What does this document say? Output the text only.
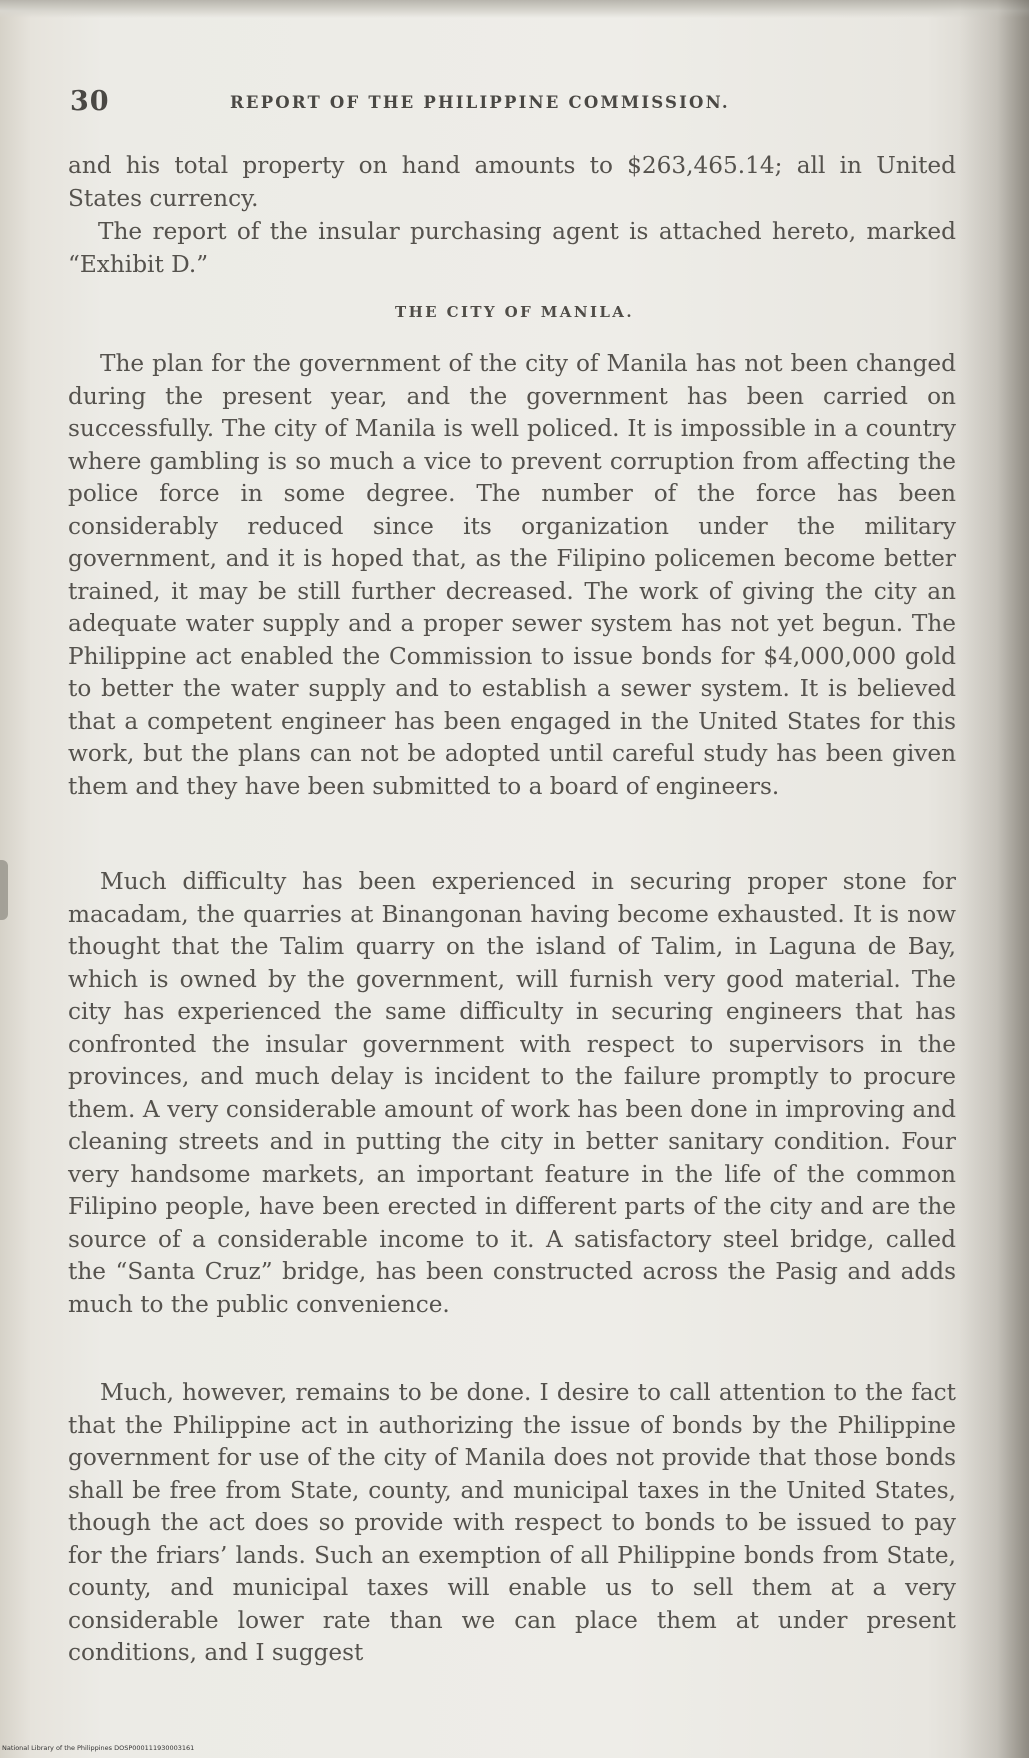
30	REPORT OF THE PHILIPPINE COMMISSION.

and his total property on hand amounts to $263,465.14; all in United States currency.

The report of the insular purchasing agent is attached hereto, marked “Exhibit D.”

THE CITY OF MANILA.

The plan for the government of the city of Manila has not been changed during the present year, and the government has been carried on successfully. The city of Manila is well policed. It is impossible in a country where gambling is so much a vice to prevent corruption from affecting the police force in some degree. The number of the force has been considerably reduced since its organization under the military government, and it is hoped that, as the Filipino policemen become better trained, it may be still further decreased. The work of giving the city an adequate water supply and a proper sewer system has not yet begun. The Philippine act enabled the Commission to issue bonds for $4,000,000 gold to better the water supply and to establish a sewer system. It is believed that a competent engineer has been engaged in the United States for this work, but the plans can not be adopted until careful study has been given them and they have been submitted to a board of engineers.

Much difficulty has been experienced in securing proper stone for macadam, the quarries at Binangonan having become exhausted. It is now thought that the Talim quarry on the island of Talim, in Laguna de Bay, which is owned by the government, will furnish very good material. The city has experienced the same difficulty in securing engineers that has confronted the insular government with respect to supervisors in the provinces, and much delay is incident to the failure promptly to procure them. A very considerable amount of work has been done in improving and cleaning streets and in putting the city in better sanitary condition. Four very handsome markets, an important feature in the life of the common Filipino people, have been erected in different parts of the city and are the source of a considerable income to it. A satisfactory steel bridge, called the “Santa Cruz” bridge, has been constructed across the Pasig and adds much to the public convenience.

Much, however, remains to be done. I desire to call attention to the fact that the Philippine act in authorizing the issue of bonds by the Philippine government for use of the city of Manila does not provide that those bonds shall be free from State, county, and municipal taxes in the United States, though the act does so provide with respect to bonds to be issued to pay for the friars’ lands. Such an exemption of all Philippine bonds from State, county, and municipal taxes will enable us to sell them at a very considerable lower rate than we can place them at under present conditions, and I suggest

National Library of the Philippines DOSP000111930003161
